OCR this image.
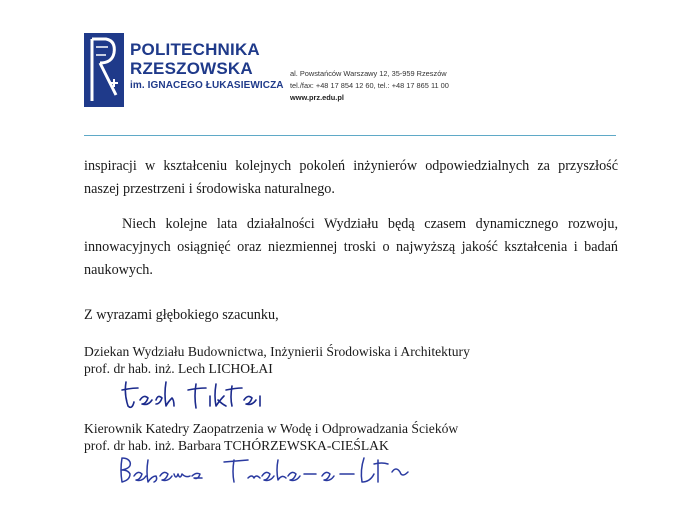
POLITECHNIKA
RZESZOWSKA
im. IGNACEGO ŁUKASIEWICZA
al. Powstańców Warszawy 12, 35-959 Rzeszów
tel./fax: +48 17 854 12 60, tel.: +48 17 865 11 00
www.prz.edu.pl
inspiracji w kształceniu kolejnych pokoleń inżynierów odpowiedzialnych za przyszłość naszej przestrzeni i środowiska naturalnego.
Niech kolejne lata działalności Wydziału będą czasem dynamicznego rozwoju, innowacyjnych osiągnięć oraz niezmiennej troski o najwyższą jakość kształcenia i badań naukowych.
Z wyrazami głębokiego szacunku,
Dziekan Wydziału Budownictwa, Inżynierii Środowiska i Architektury
prof. dr hab. inż. Lech LICHOŁAI
Kierownik Katedry Zaopatrzenia w Wodę i Odprowadzania Ścieków
prof. dr hab. inż. Barbara TCHÓRZEWSKA-CIEŚLAK
